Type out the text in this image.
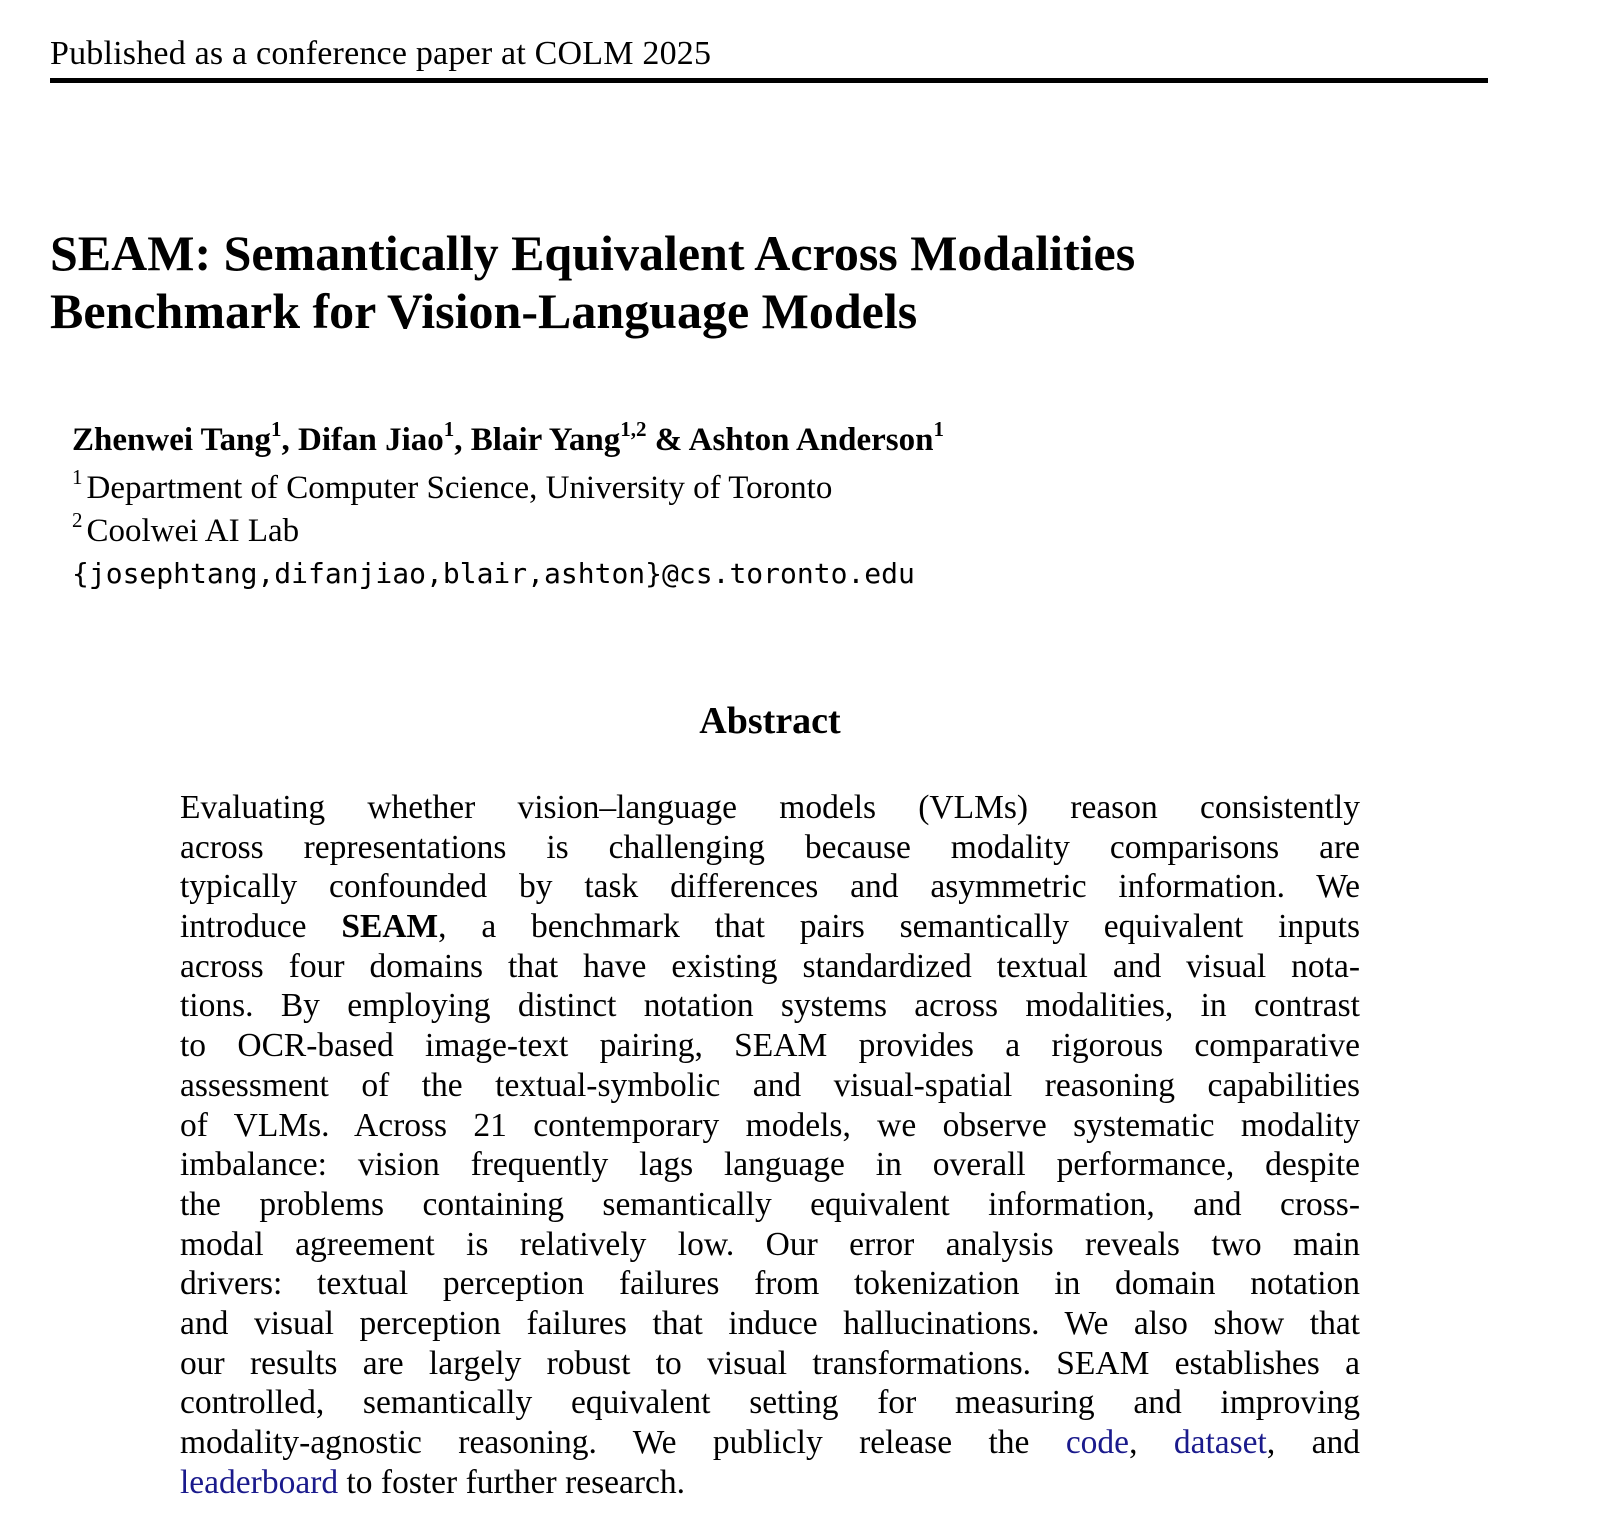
Published as a conference paper at COLM 2025
SEAM: Semantically Equivalent Across Modalities
Benchmark for Vision-Language Models
Zhenwei Tang$^1$, Difan Jiao$^1$, Blair Yang$^{1,2}$ & Ashton Anderson$^1$
$^1$ Department of Computer Science, University of Toronto
$^2$ Coolwei AI Lab
{josephtang,difanjiao,blair,ashton}@cs.toronto.edu
Abstract
Evaluating whether vision–language models (VLMs) reason consistently
across representations is challenging because modality comparisons are
typically confounded by task differences and asymmetric information. We
introduce SEAM, a benchmark that pairs semantically equivalent inputs
across four domains that have existing standardized textual and visual nota-
tions. By employing distinct notation systems across modalities, in contrast
to OCR-based image-text pairing, SEAM provides a rigorous comparative
assessment of the textual-symbolic and visual-spatial reasoning capabilities
of VLMs. Across 21 contemporary models, we observe systematic modality
imbalance: vision frequently lags language in overall performance, despite
the problems containing semantically equivalent information, and cross-
modal agreement is relatively low. Our error analysis reveals two main
drivers: textual perception failures from tokenization in domain notation
and visual perception failures that induce hallucinations. We also show that
our results are largely robust to visual transformations. SEAM establishes a
controlled, semantically equivalent setting for measuring and improving
modality-agnostic reasoning. We publicly release the code, dataset, and
leaderboard to foster further research.
